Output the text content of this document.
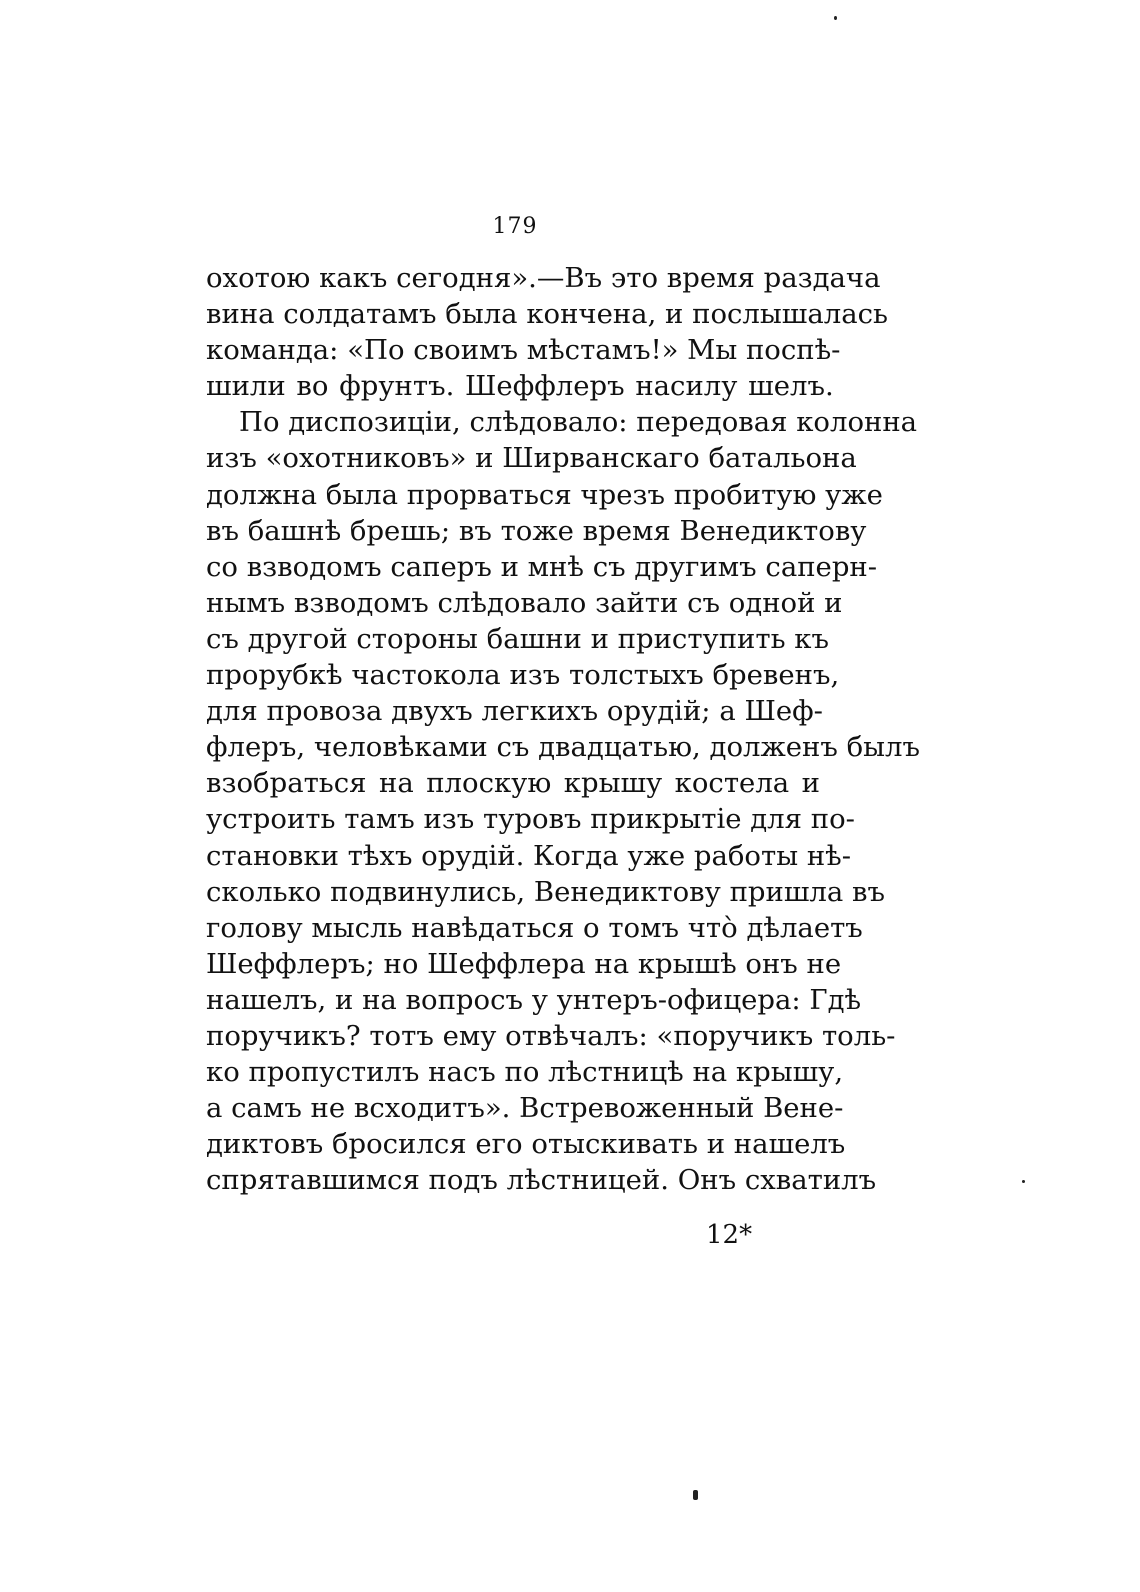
179
охотою какъ сегодня».—Въ это время раздача
вина солдатамъ была кончена, и послышалась
команда: «По своимъ мѣстамъ!» Мы поспѣ-
шили во фрунтъ. Шеффлеръ насилу шелъ.
По диспозиціи, слѣдовало: передовая колонна
изъ «охотниковъ» и Ширванскаго батальона
должна была прорваться чрезъ пробитую уже
въ башнѣ брешь; въ тоже время Венедиктову
со взводомъ саперъ и мнѣ съ другимъ саперн-
нымъ взводомъ слѣдовало зайти съ одной и
съ другой стороны башни и приступить къ
прорубкѣ частокола изъ толстыхъ бревенъ,
для провоза двухъ легкихъ орудій; а Шеф-
флеръ, человѣками съ двадцатью, долженъ былъ
взобраться на плоскую крышу костела и
устроить тамъ изъ туровъ прикрытіе для по-
становки тѣхъ орудій. Когда уже работы нѣ-
сколько подвинулись, Венедиктову пришла въ
голову мысль навѣдаться о томъ что̀ дѣлаетъ
Шеффлеръ; но Шеффлера на крышѣ онъ не
нашелъ, и на вопросъ у унтеръ-офицера: Гдѣ
поручикъ? тотъ ему отвѣчалъ: «поручикъ толь-
ко пропустилъ насъ по лѣстницѣ на крышу,
а самъ не всходитъ». Встревоженный Вене-
диктовъ бросился его отыскивать и нашелъ
спрятавшимся подъ лѣстницей. Онъ схватилъ
12*
